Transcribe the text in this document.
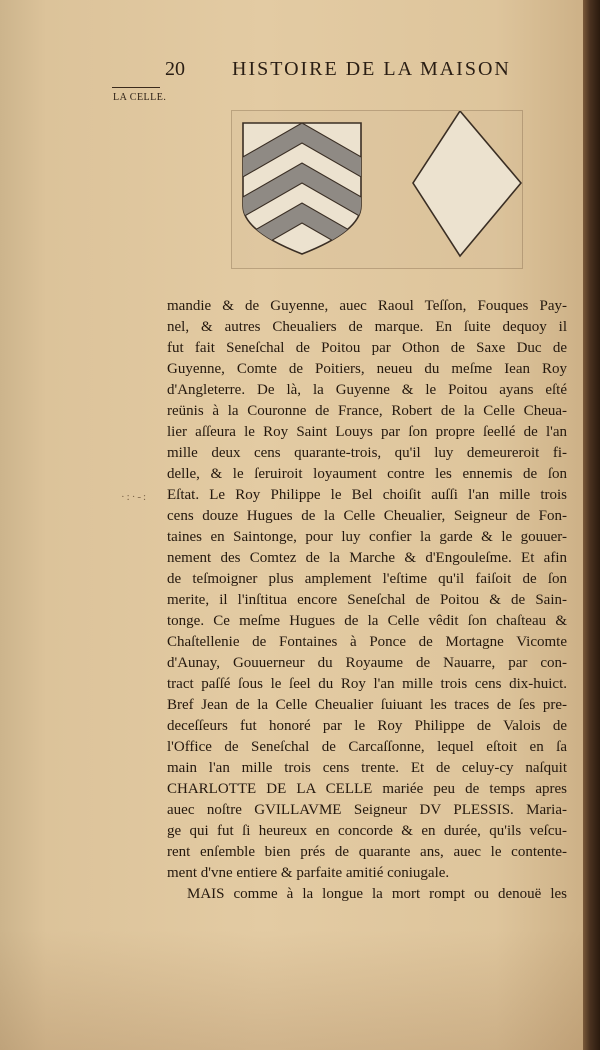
20 HISTOIRE DE LA MAISON
LA CELLE.
·:·-:
mandie & de Guyenne, auec Raoul Teſſon, Fouques Pay-
nel, & autres Cheualiers de marque. En ſuite dequoy il
fut fait Seneſchal de Poitou par Othon de Saxe Duc de
Guyenne, Comte de Poitiers, neueu du meſme Iean Roy
d'Angleterre. De là, la Guyenne & le Poitou ayans eſté
reünis à la Couronne de France, Robert de la Celle Cheua-
lier aſſeura le Roy Saint Louys par ſon propre ſeellé de l'an
mille deux cens quarante-trois, qu'il luy demeureroit fi-
delle, & le ſeruiroit loyaument contre les ennemis de ſon
Eſtat. Le Roy Philippe le Bel choiſit auſſi l'an mille trois
cens douze Hugues de la Celle Cheualier, Seigneur de Fon-
taines en Saintonge, pour luy confier la garde & le gouuer-
nement des Comtez de la Marche & d'Engouleſme. Et afin
de teſmoigner plus amplement l'eſtime qu'il faiſoit de ſon
merite, il l'inſtitua encore Seneſchal de Poitou & de Sain-
tonge. Ce meſme Hugues de la Celle vêdit ſon chaſteau &
Chaſtellenie de Fontaines à Ponce de Mortagne Vicomte
d'Aunay, Gouuerneur du Royaume de Nauarre, par con-
tract paſſé ſous le ſeel du Roy l'an mille trois cens dix-huict.
Bref Jean de la Celle Cheualier ſuiuant les traces de ſes pre-
deceſſeurs fut honoré par le Roy Philippe de Valois de
l'Office de Seneſchal de Carcaſſonne, lequel eſtoit en ſa
main l'an mille trois cens trente. Et de celuy-cy naſquit
CHARLOTTE DE LA CELLE mariée peu de temps apres
auec noſtre GVILLAVME Seigneur DV PLESSIS. Maria-
ge qui fut ſi heureux en concorde & en durée, qu'ils veſcu-
rent enſemble bien prés de quarante ans, auec le contente-
ment d'vne entiere & parfaite amitié coniugale.
MAIS comme à la longue la mort rompt ou denouë les
